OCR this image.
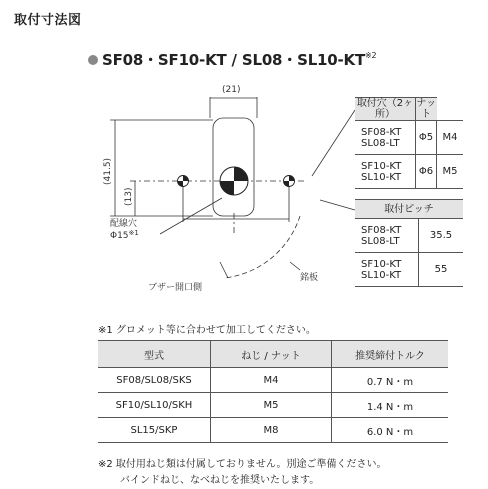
取付寸法図
SF08・SF10-KT / SL08・SL10-KT$^{※2}$
(21)
(41.5)
(13)
配線穴
Φ15$^{※1}$
ブザー開口側
銘板
取付穴（2ヶ所）	ナット	
SF08-KT
SL08-LT	Φ5	M4
SF10-KT
SL10-KT	Φ6	M5
取付ピッチ	
SF08-KT
SL08-LT	35.5
SF10-KT
SL10-KT	55
※1 グロメット等に合わせて加工してください。
型式	ねじ / ナット	推奨締付トルク
SF08/SL08/SKS	M4	0.7 N・m
SF10/SL10/SKH	M5	1.4 N・m
SL15/SKP	M8	6.0 N・m
※2 取付用ねじ類は付属しておりません。別途ご準備ください。
バインドねじ、なべねじを推奨いたします。
